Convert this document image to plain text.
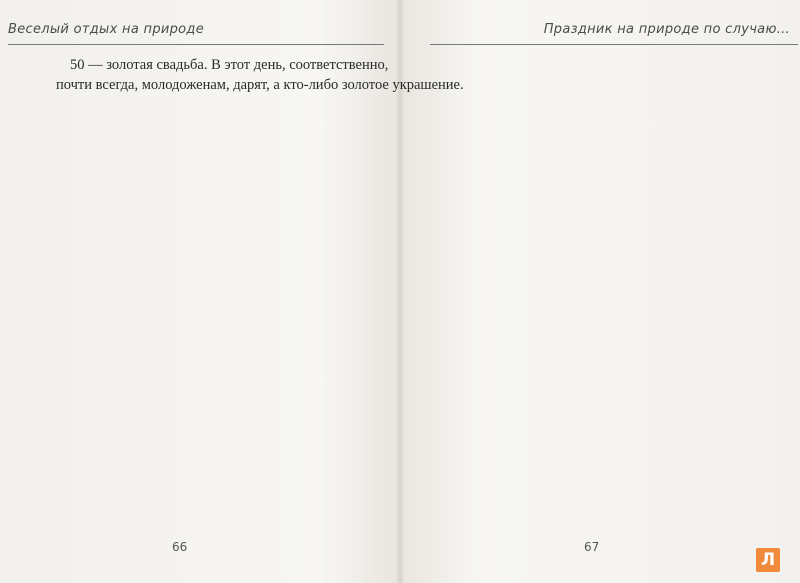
Веселый отдых на природе
50 — золотая свадьба. В этот день, соответственно,
почти всегда, молодоженам, дарят, а кто-либо золотое украшение.
66
Праздник на природе по случаю...
67
Л
